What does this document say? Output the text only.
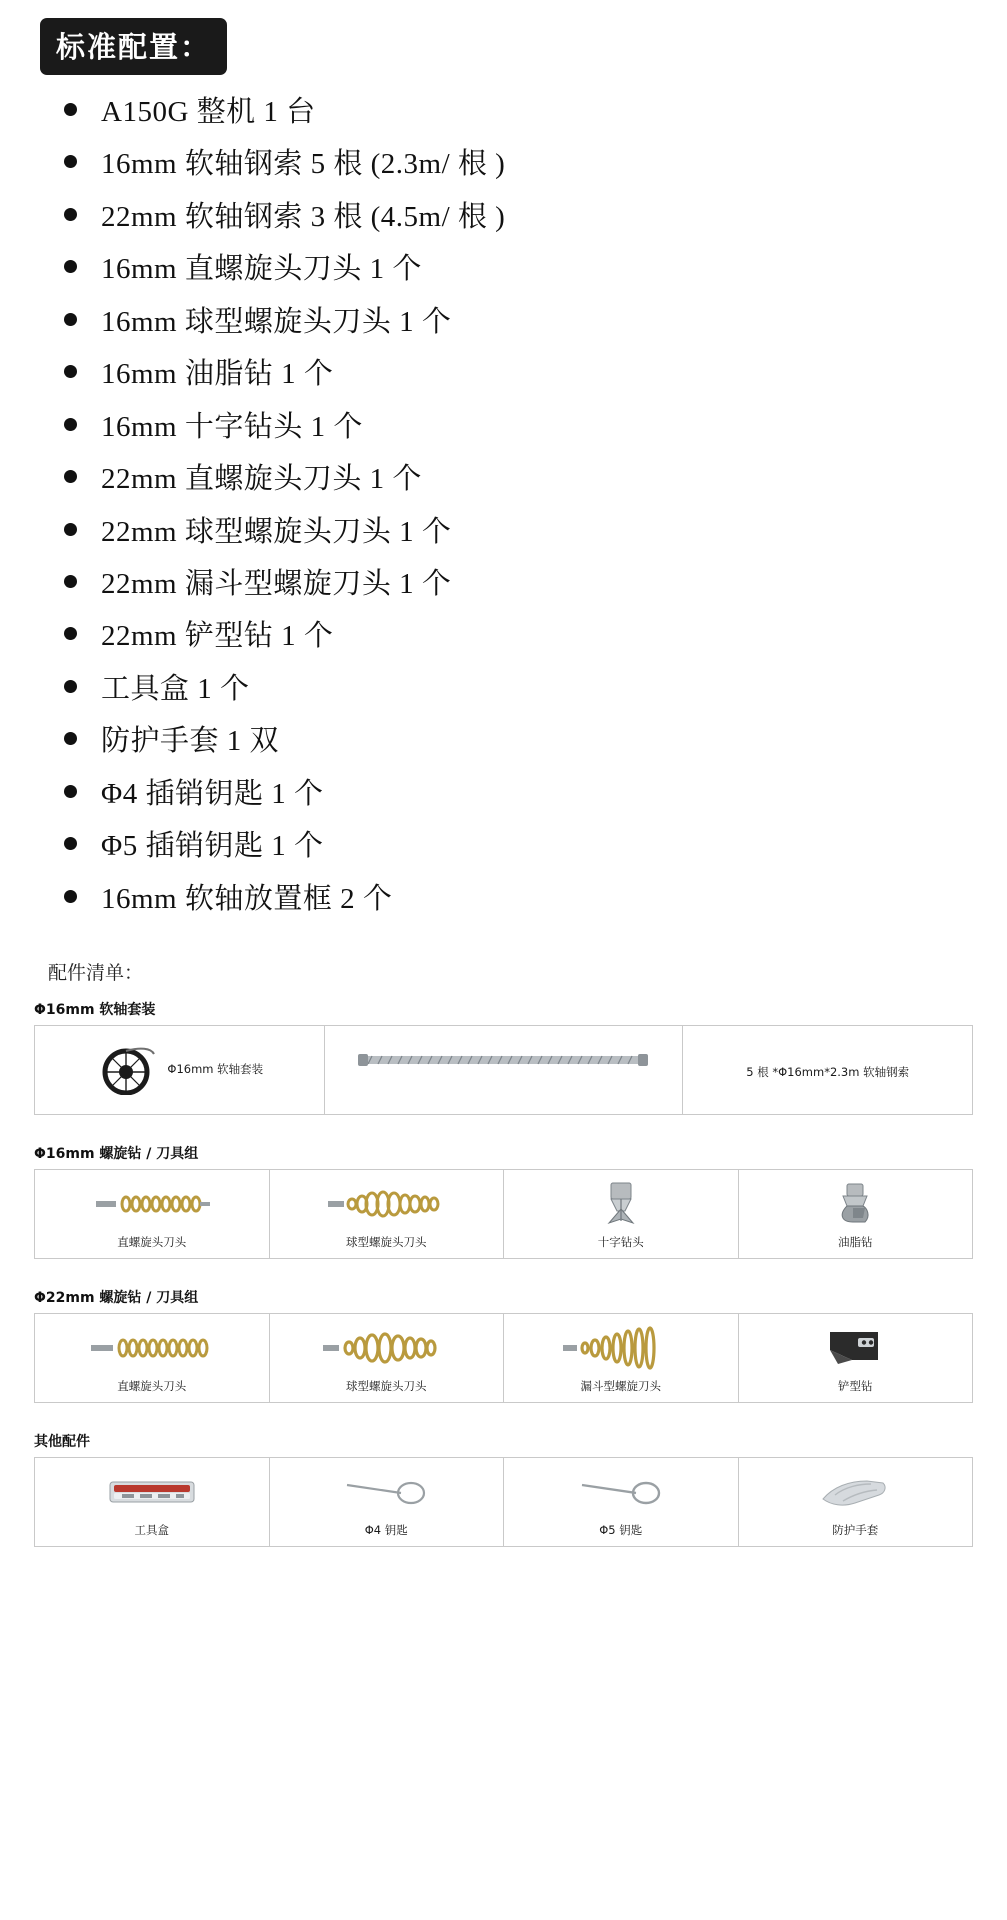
标准配置：
A150G 整机 1 台
16mm 软轴钢索 5 根 (2.3m/ 根 )
22mm 软轴钢索 3 根 (4.5m/ 根 )
16mm 直螺旋头刀头 1 个
16mm 球型螺旋头刀头 1 个
16mm 油脂钻 1 个
16mm 十字钻头 1 个
22mm 直螺旋头刀头 1 个
22mm 球型螺旋头刀头 1 个
22mm 漏斗型螺旋刀头 1 个
22mm 铲型钻 1 个
工具盒 1 个
防护手套 1 双
Φ4 插销钥匙 1 个
Φ5 插销钥匙 1 个
16mm 软轴放置框 2 个
配件清单：
Φ16mm 软轴套装
Φ16mm 软轴套装	5 根 *Φ16mm*2.3m 软轴钢索
Φ16mm 螺旋钻 / 刀具组
直螺旋头刀头	球型螺旋头刀头	十字钻头	油脂钻
Φ22mm 螺旋钻 / 刀具组
直螺旋头刀头	球型螺旋头刀头	漏斗型螺旋刀头	铲型钻
其他配件
工具盒	Φ4 钥匙	Φ5 钥匙	防护手套
